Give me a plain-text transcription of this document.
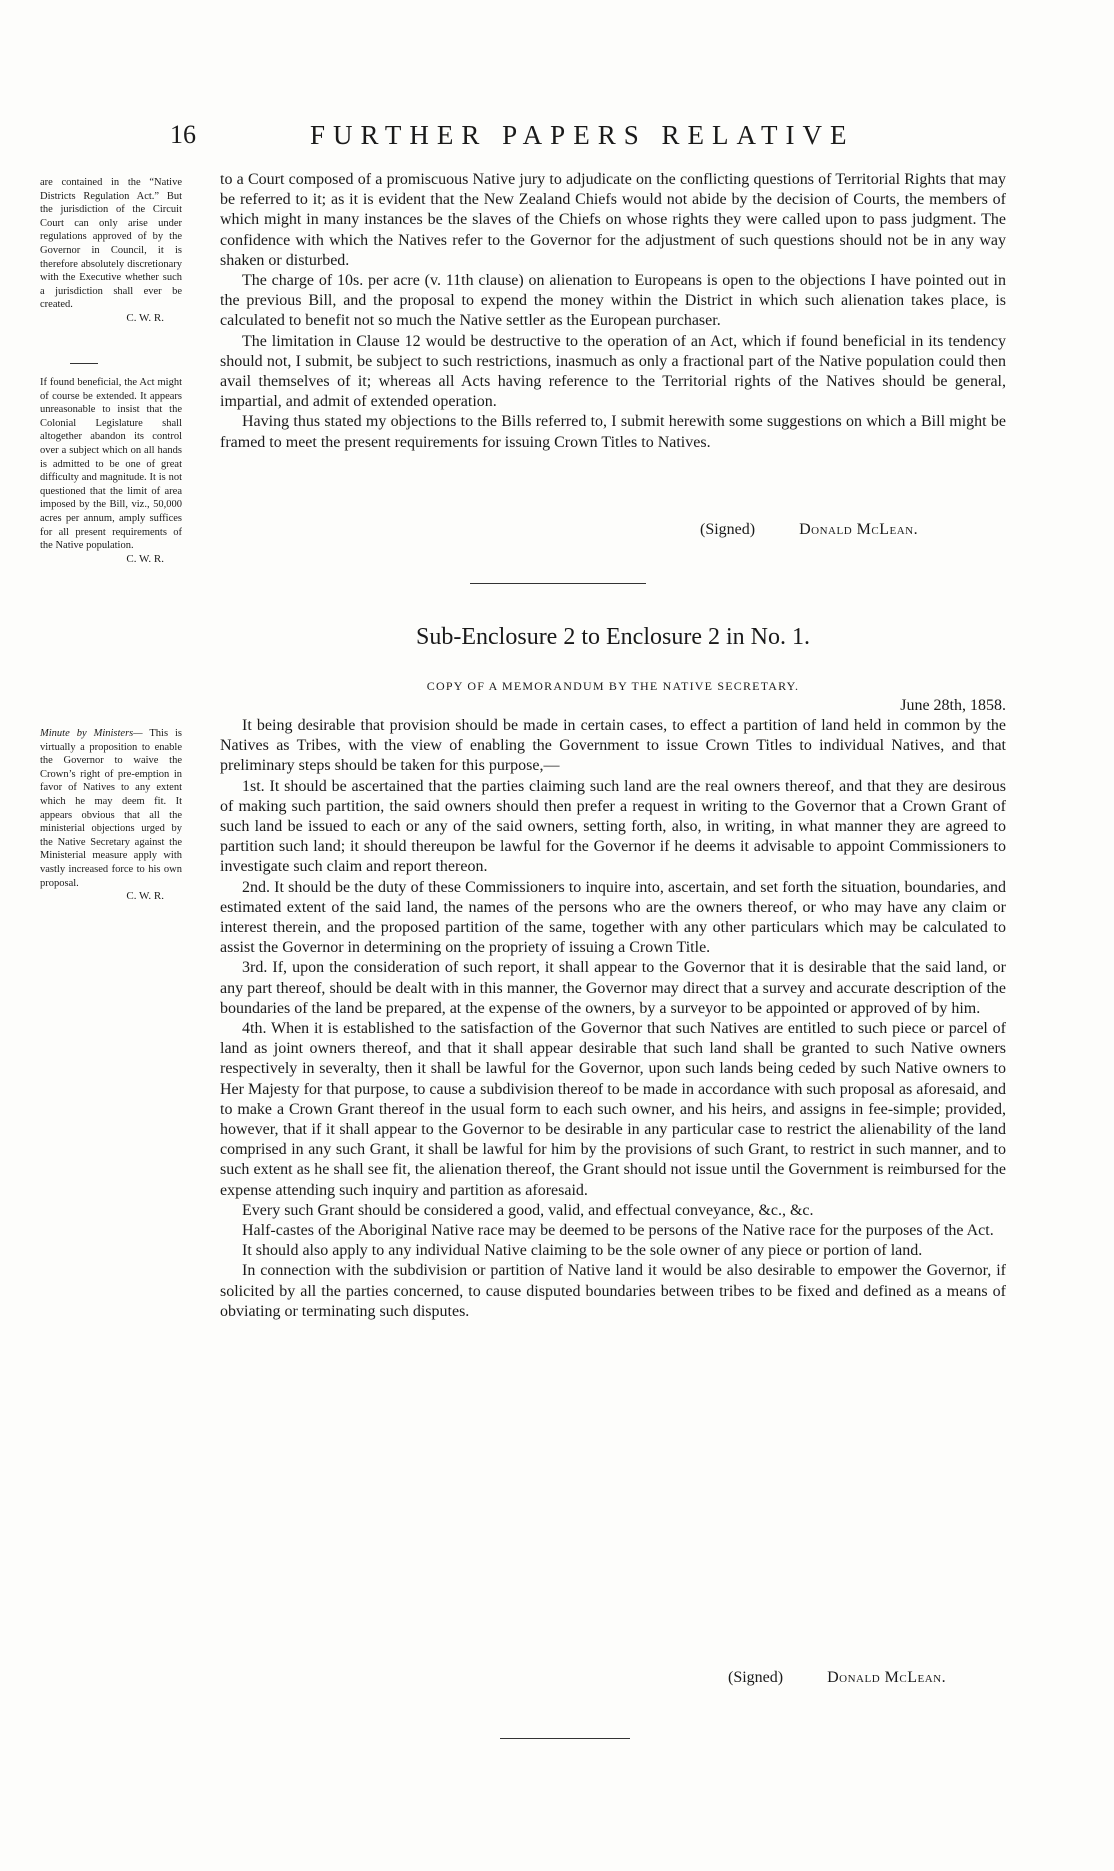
16	FURTHER PAPERS RELATIVE
are contained in the “Native Districts Regulation Act.” But the jurisdiction of the Circuit Court can only arise under regulations approved of by the Governor in Council, it is therefore absolutely discretionary with the Executive whether such a jurisdiction shall ever be created.
C. W. R.
If found beneficial, the Act might of course be extended. It appears unreasonable to insist that the Colonial Legislature shall altogether abandon its control over a subject which on all hands is admitted to be one of great difficulty and magnitude. It is not questioned that the limit of area imposed by the Bill, viz., 50,000 acres per annum, amply suffices for all present requirements of the Native population.
C. W. R.
Minute by Ministers— This is virtually a proposition to enable the Governor to waive the Crown’s right of pre-emption in favor of Natives to any extent which he may deem fit. It appears obvious that all the ministerial objections urged by the Native Secretary against the Ministerial measure apply with vastly increased force to his own proposal.
C. W. R.

to a Court composed of a promiscuous Native jury to adjudicate on the conflicting questions of Territorial Rights that may be referred to it; as it is evident that the New Zealand Chiefs would not abide by the decision of Courts, the members of which might in many instances be the slaves of the Chiefs on whose rights they were called upon to pass judgment. The confidence with which the Natives refer to the Governor for the adjustment of such questions should not be in any way shaken or disturbed.

The charge of 10s. per acre (v. 11th clause) on alienation to Europeans is open to the objections I have pointed out in the previous Bill, and the proposal to expend the money within the District in which such alienation takes place, is calculated to benefit not so much the Native settler as the European purchaser.

The limitation in Clause 12 would be destructive to the operation of an Act, which if found beneficial in its tendency should not, I submit, be subject to such restrictions, inasmuch as only a fractional part of the Native population could then avail themselves of it; whereas all Acts having reference to the Territorial rights of the Natives should be general, impartial, and admit of extended operation.

Having thus stated my objections to the Bills referred to, I submit herewith some suggestions on which a Bill might be framed to meet the present requirements for issuing Crown Titles to Natives.

(Signed)	Donald McLean.
Sub-Enclosure 2 to Enclosure 2 in No. 1.
COPY OF A MEMORANDUM BY THE NATIVE SECRETARY.
June 28th, 1858.

It being desirable that provision should be made in certain cases, to effect a partition of land held in common by the Natives as Tribes, with the view of enabling the Government to issue Crown Titles to individual Natives, and that preliminary steps should be taken for this purpose,—

1st. It should be ascertained that the parties claiming such land are the real owners thereof, and that they are desirous of making such partition, the said owners should then prefer a request in writing to the Governor that a Crown Grant of such land be issued to each or any of the said owners, setting forth, also, in writing, in what manner they are agreed to partition such land; it should thereupon be lawful for the Governor if he deems it advisable to appoint Commissioners to investigate such claim and report thereon.

2nd. It should be the duty of these Commissioners to inquire into, ascertain, and set forth the situation, boundaries, and estimated extent of the said land, the names of the persons who are the owners thereof, or who may have any claim or interest therein, and the proposed partition of the same, together with any other particulars which may be calculated to assist the Governor in determining on the propriety of issuing a Crown Title.

3rd. If, upon the consideration of such report, it shall appear to the Governor that it is desirable that the said land, or any part thereof, should be dealt with in this manner, the Governor may direct that a survey and accurate description of the boundaries of the land be prepared, at the expense of the owners, by a surveyor to be appointed or approved of by him.

4th. When it is established to the satisfaction of the Governor that such Natives are entitled to such piece or parcel of land as joint owners thereof, and that it shall appear desirable that such land shall be granted to such Native owners respectively in severalty, then it shall be lawful for the Governor, upon such lands being ceded by such Native owners to Her Majesty for that purpose, to cause a subdivision thereof to be made in accordance with such proposal as aforesaid, and to make a Crown Grant thereof in the usual form to each such owner, and his heirs, and assigns in fee-simple; provided, however, that if it shall appear to the Governor to be desirable in any particular case to restrict the alienability of the land comprised in any such Grant, it shall be lawful for him by the provisions of such Grant, to restrict in such manner, and to such extent as he shall see fit, the alienation thereof, the Grant should not issue until the Government is reimbursed for the expense attending such inquiry and partition as aforesaid.

Every such Grant should be considered a good, valid, and effectual conveyance, &c., &c.

Half-castes of the Aboriginal Native race may be deemed to be persons of the Native race for the purposes of the Act.

It should also apply to any individual Native claiming to be the sole owner of any piece or portion of land.

In connection with the subdivision or partition of Native land it would be also desirable to empower the Governor, if solicited by all the parties concerned, to cause disputed boundaries between tribes to be fixed and defined as a means of obviating or terminating such disputes.

(Signed)	Donald McLean.
